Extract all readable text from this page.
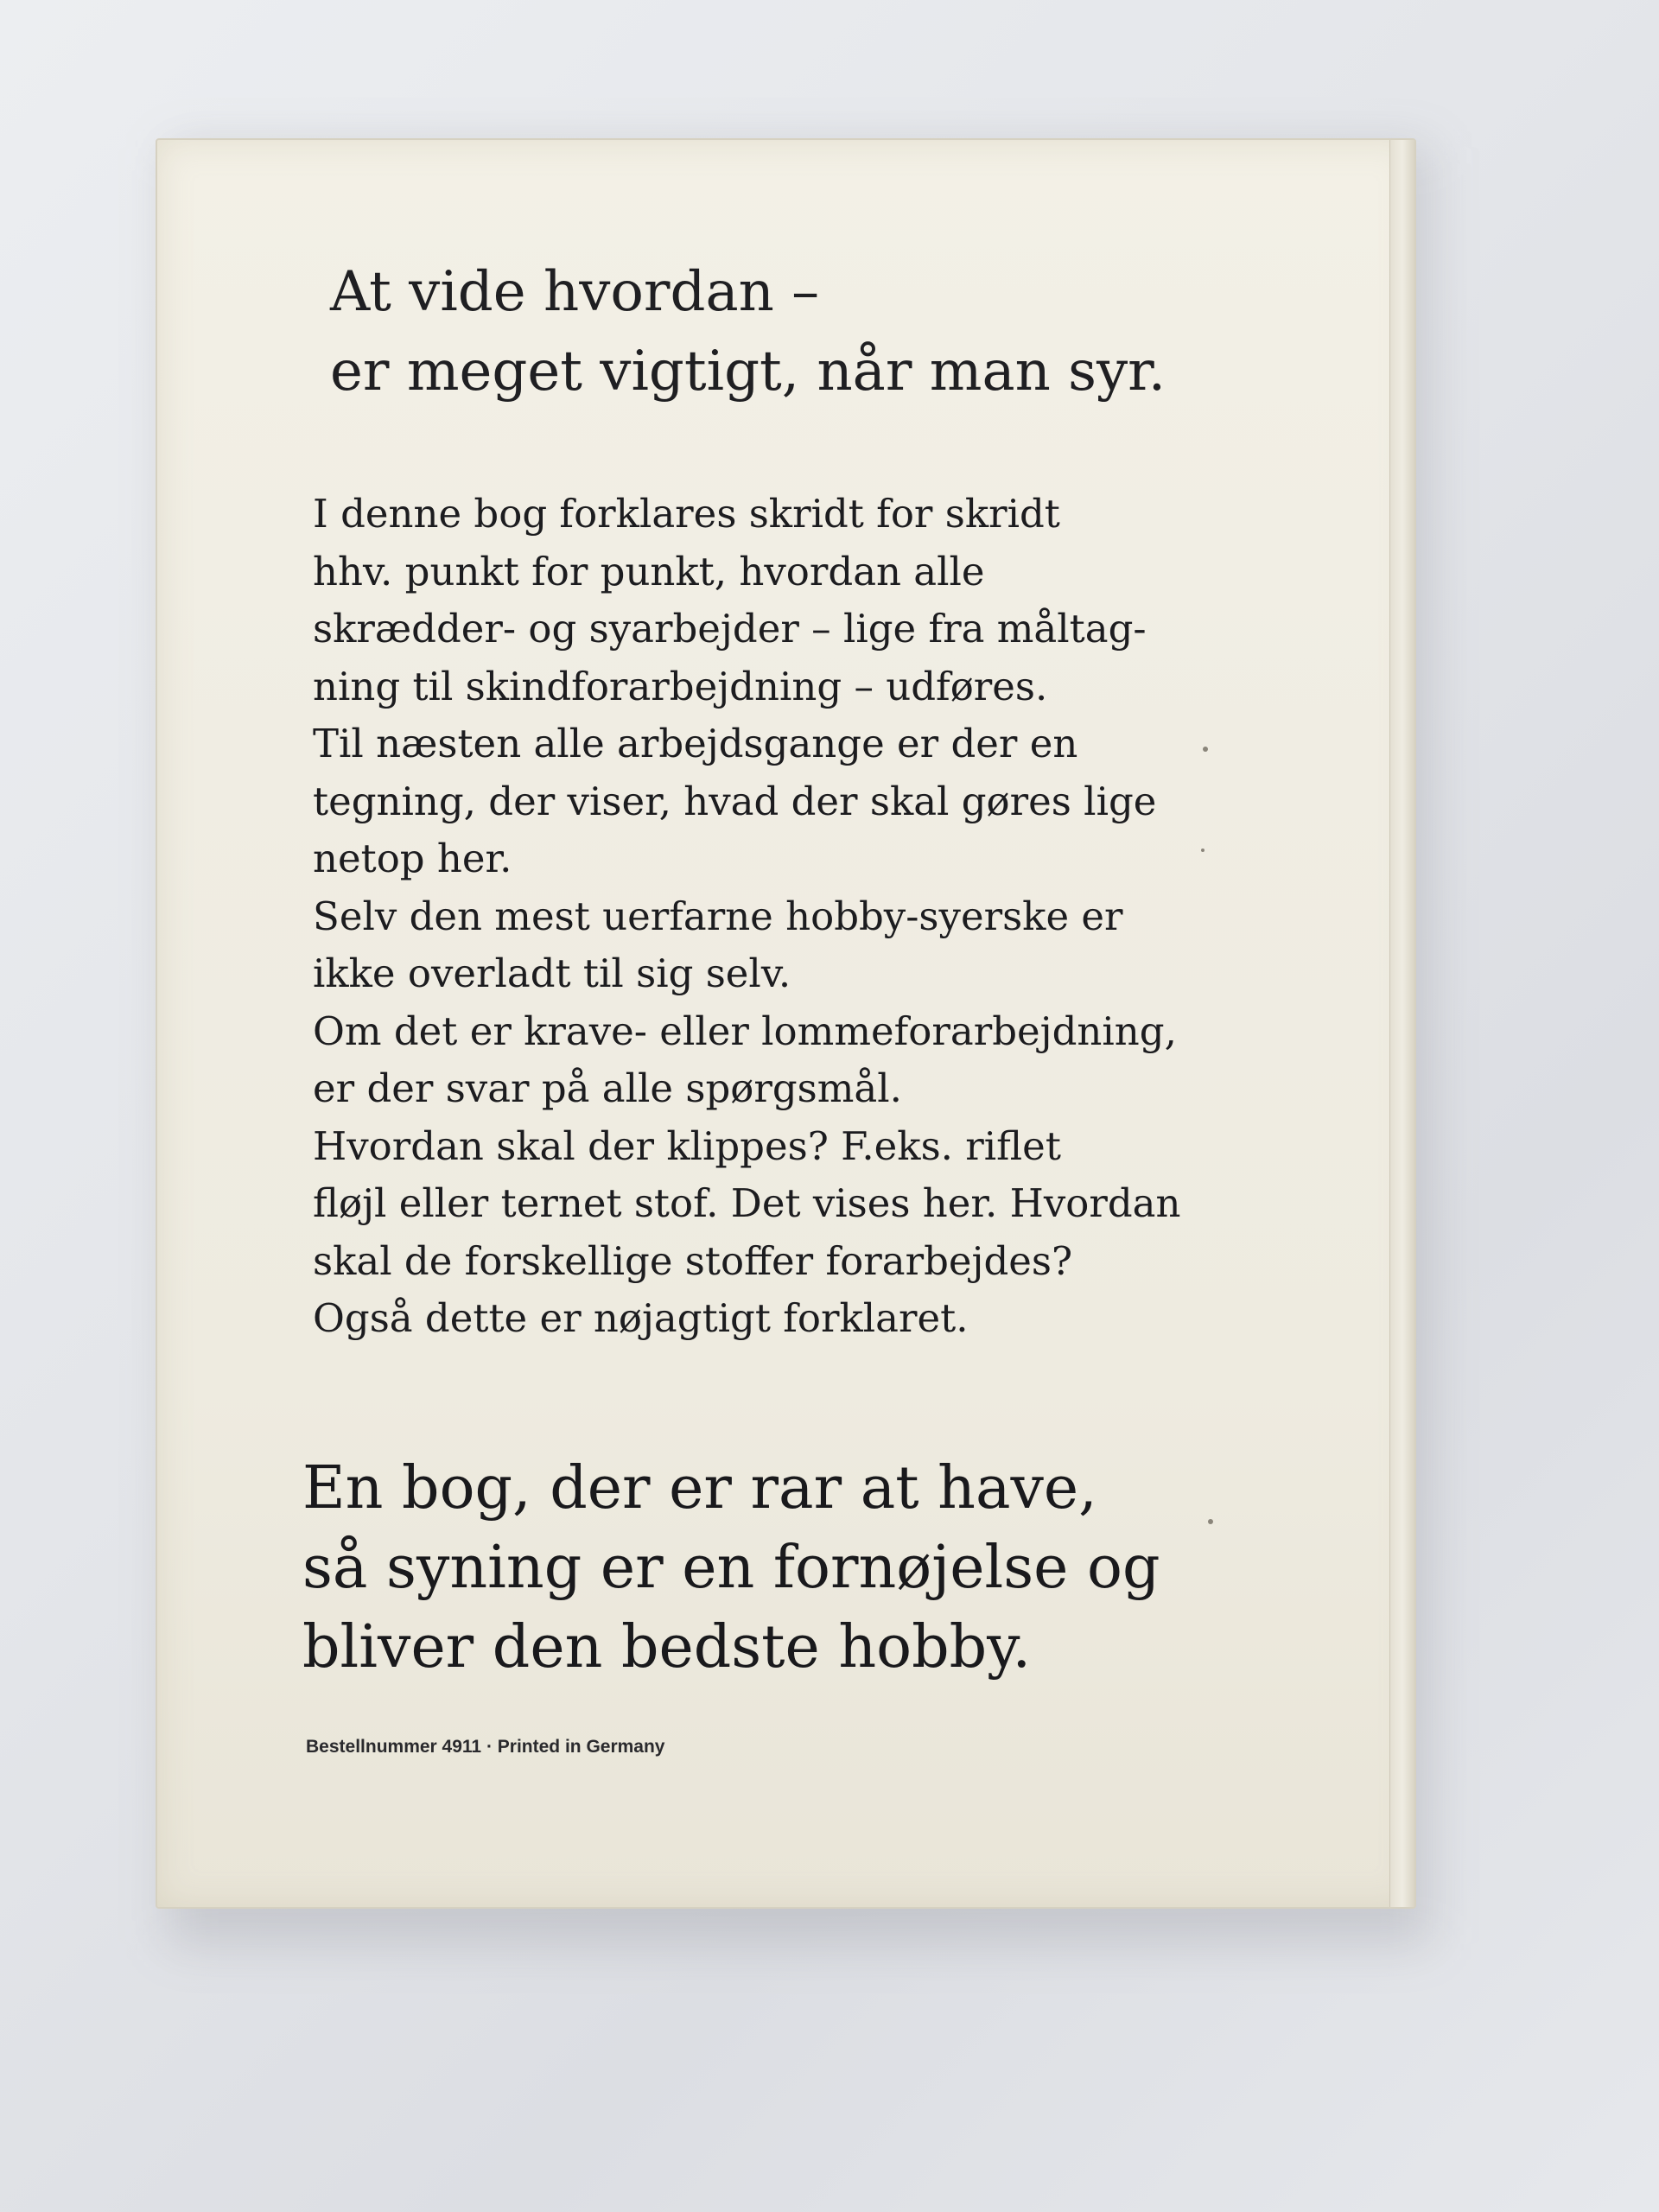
At vide hvordan –
er meget vigtigt, når man syr.

I denne bog forklares skridt for skridt
hhv. punkt for punkt, hvordan alle
skrædder- og syarbejder – lige fra måltag-
ning til skindforarbejdning – udføres.
Til næsten alle arbejdsgange er der en
tegning, der viser, hvad der skal gøres lige
netop her.
Selv den mest uerfarne hobby-syerske er
ikke overladt til sig selv.
Om det er krave- eller lommeforarbejdning,
er der svar på alle spørgsmål.
Hvordan skal der klippes? F.eks. riflet
fløjl eller ternet stof. Det vises her. Hvordan
skal de forskellige stoffer forarbejdes?
Også dette er nøjagtigt forklaret.

En bog, der er rar at have,
så syning er en fornøjelse og
bliver den bedste hobby.
Bestellnummer 4911 · Printed in Germany
